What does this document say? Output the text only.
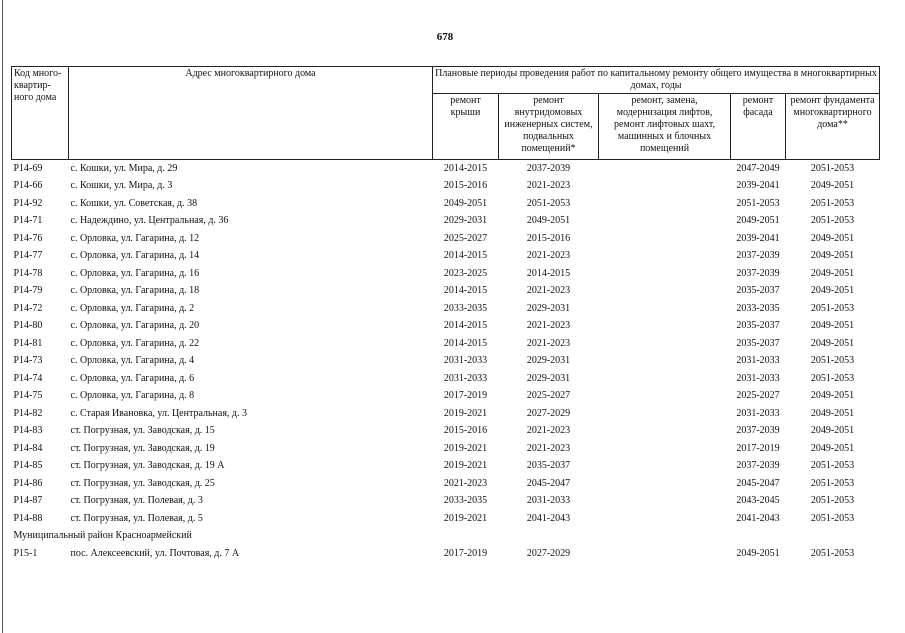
678
Код много-квартир-ного дома	Адрес многоквартирного дома	Плановые периоды проведения работ по капитальному ремонту общего имущества в многоквартирных домах, годы				
		ремонт крыши	ремонт внутридомовых инженерных систем, подвальных помещений*	ремонт, замена, модернизация лифтов, ремонт лифтовых шахт, машинных и блочных помещений	ремонт фасада	ремонт фундамента многоквартирного дома**
P14-69	с. Кошки, ул. Мира, д. 29	2014-2015	2037-2039		2047-2049	2051-2053
P14-66	с. Кошки, ул. Мира, д. 3	2015-2016	2021-2023		2039-2041	2049-2051
P14-92	с. Кошки, ул. Советская, д. 38	2049-2051	2051-2053		2051-2053	2051-2053
P14-71	с. Надеждино, ул. Центральная, д. 36	2029-2031	2049-2051		2049-2051	2051-2053
P14-76	с. Орловка, ул. Гагарина, д. 12	2025-2027	2015-2016		2039-2041	2049-2051
P14-77	с. Орловка, ул. Гагарина, д. 14	2014-2015	2021-2023		2037-2039	2049-2051
P14-78	с. Орловка, ул. Гагарина, д. 16	2023-2025	2014-2015		2037-2039	2049-2051
P14-79	с. Орловка, ул. Гагарина, д. 18	2014-2015	2021-2023		2035-2037	2049-2051
P14-72	с. Орловка, ул. Гагарина, д. 2	2033-2035	2029-2031		2033-2035	2051-2053
P14-80	с. Орловка, ул. Гагарина, д. 20	2014-2015	2021-2023		2035-2037	2049-2051
P14-81	с. Орловка, ул. Гагарина, д. 22	2014-2015	2021-2023		2035-2037	2049-2051
P14-73	с. Орловка, ул. Гагарина, д. 4	2031-2033	2029-2031		2031-2033	2051-2053
P14-74	с. Орловка, ул. Гагарина, д. 6	2031-2033	2029-2031		2031-2033	2051-2053
P14-75	с. Орловка, ул. Гагарина, д. 8	2017-2019	2025-2027		2025-2027	2049-2051
P14-82	с. Старая Ивановка, ул. Центральная, д. 3	2019-2021	2027-2029		2031-2033	2049-2051
P14-83	ст. Погрузная, ул. Заводская, д. 15	2015-2016	2021-2023		2037-2039	2049-2051
P14-84	ст. Погрузная, ул. Заводская, д. 19	2019-2021	2021-2023		2017-2019	2049-2051
P14-85	ст. Погрузная, ул. Заводская, д. 19 А	2019-2021	2035-2037		2037-2039	2051-2053
P14-86	ст. Погрузная, ул. Заводская, д. 25	2021-2023	2045-2047		2045-2047	2051-2053
P14-87	ст. Погрузная, ул. Полевая, д. 3	2033-2035	2031-2033		2043-2045	2051-2053
P14-88	ст. Погрузная, ул. Полевая, д. 5	2019-2021	2041-2043		2041-2043	2051-2053
Муниципальный район Красноармейский						
P15-1	пос. Алексеевский, ул. Почтовая, д. 7 А	2017-2019	2027-2029		2049-2051	2051-2053
